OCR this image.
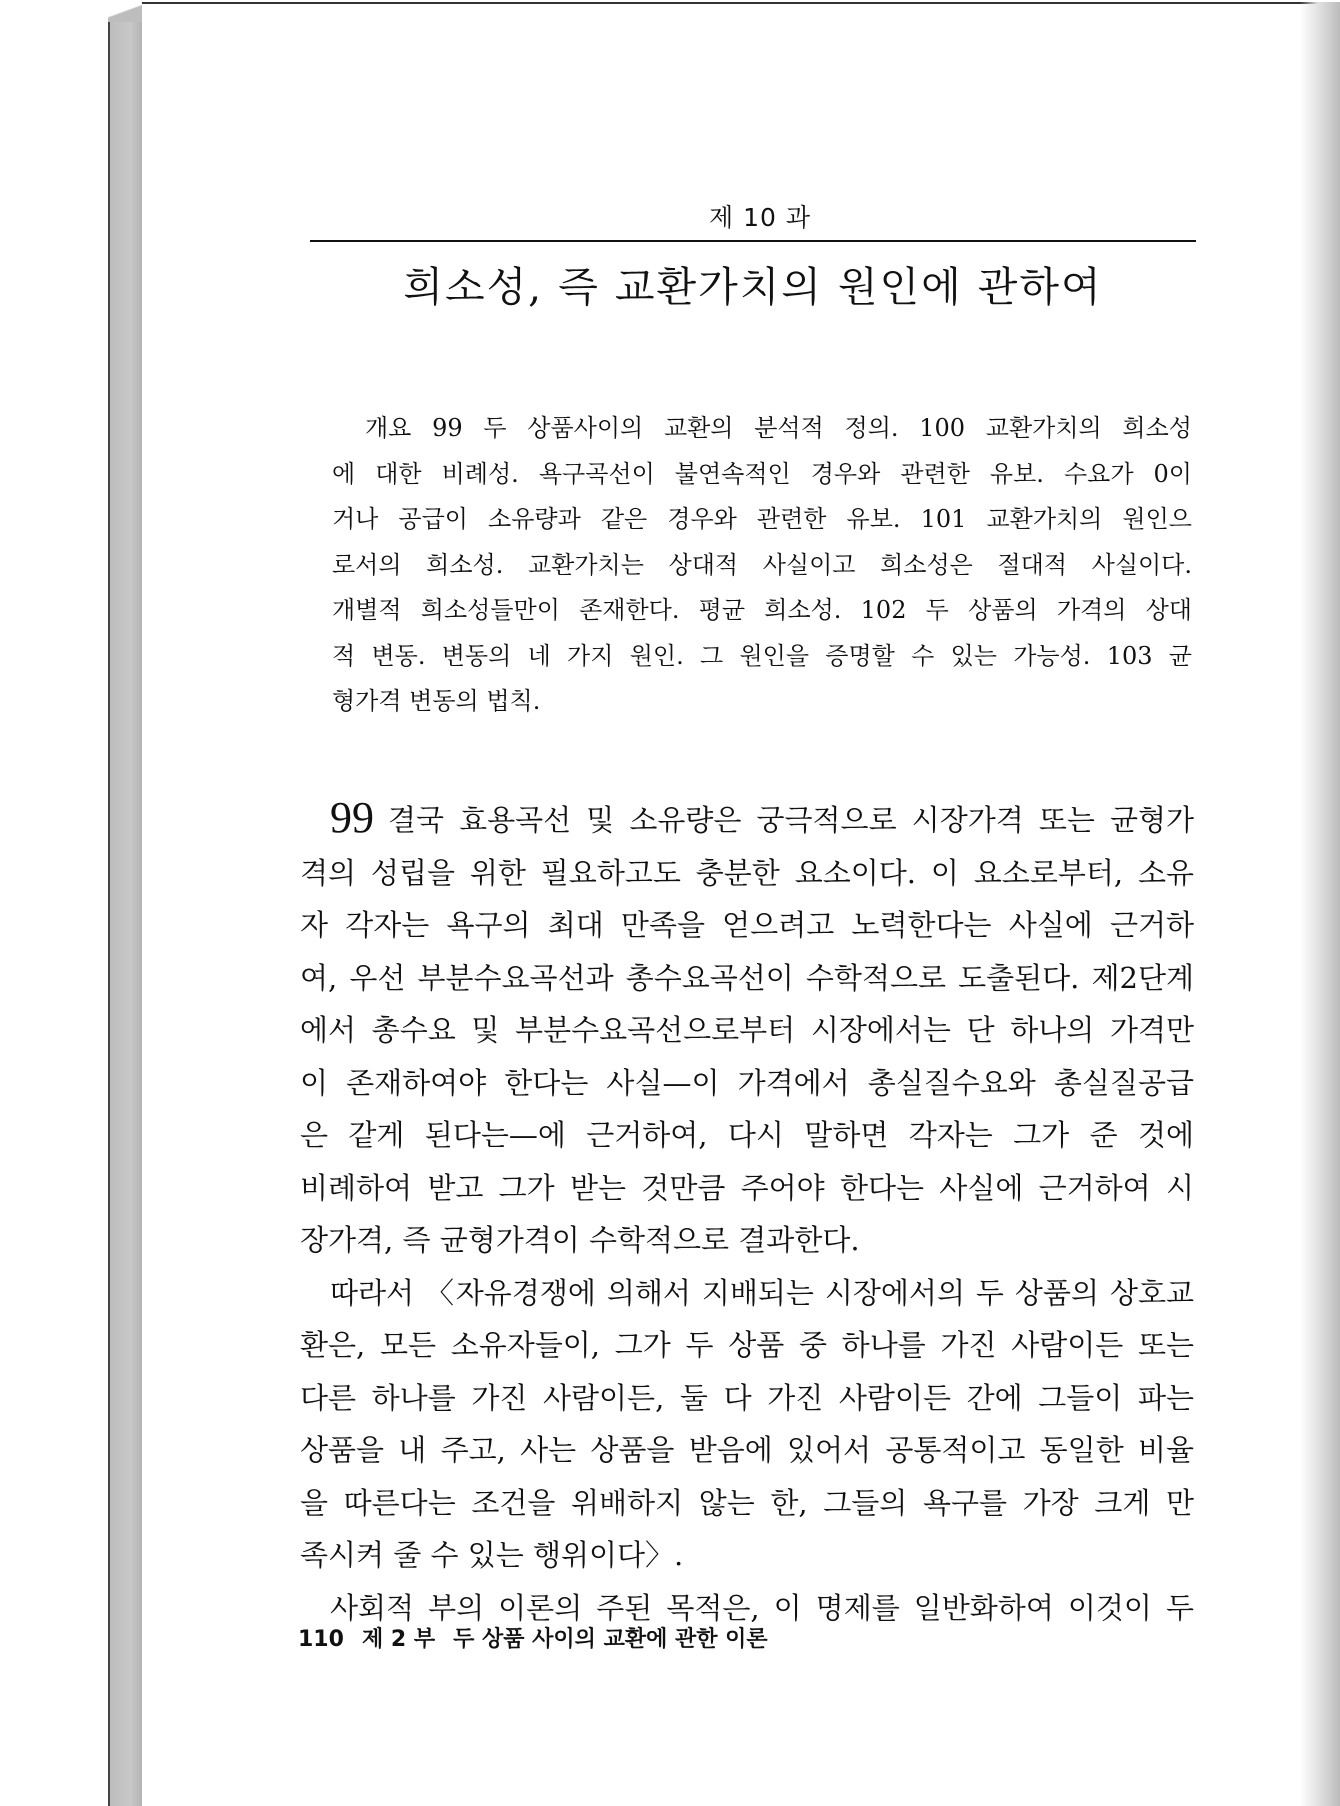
제 10 과
희소성, 즉 교환가치의 원인에 관하여
개요 99 두 상품사이의 교환의 분석적 정의. 100 교환가치의 희소성
에 대한 비례성. 욕구곡선이 불연속적인 경우와 관련한 유보. 수요가 0이
거나 공급이 소유량과 같은 경우와 관련한 유보. 101 교환가치의 원인으
로서의 희소성. 교환가치는 상대적 사실이고 희소성은 절대적 사실이다.
개별적 희소성들만이 존재한다. 평균 희소성. 102 두 상품의 가격의 상대
적 변동. 변동의 네 가지 원인. 그 원인을 증명할 수 있는 가능성. 103 균
형가격 변동의 법칙.
99 결국 효용곡선 및 소유량은 궁극적으로 시장가격 또는 균형가
격의 성립을 위한 필요하고도 충분한 요소이다. 이 요소로부터, 소유
자 각자는 욕구의 최대 만족을 얻으려고 노력한다는 사실에 근거하
여, 우선 부분수요곡선과 총수요곡선이 수학적으로 도출된다. 제2단계
에서 총수요 및 부분수요곡선으로부터 시장에서는 단 하나의 가격만
이 존재하여야 한다는 사실—이 가격에서 총실질수요와 총실질공급
은 같게 된다는—에 근거하여, 다시 말하면 각자는 그가 준 것에
비례하여 받고 그가 받는 것만큼 주어야 한다는 사실에 근거하여 시
장가격, 즉 균형가격이 수학적으로 결과한다.
따라서 〈자유경쟁에 의해서 지배되는 시장에서의 두 상품의 상호교
환은, 모든 소유자들이, 그가 두 상품 중 하나를 가진 사람이든 또는
다른 하나를 가진 사람이든, 둘 다 가진 사람이든 간에 그들이 파는
상품을 내 주고, 사는 상품을 받음에 있어서 공통적이고 동일한 비율
을 따른다는 조건을 위배하지 않는 한, 그들의 욕구를 가장 크게 만
족시켜 줄 수 있는 행위이다〉.
사회적 부의 이론의 주된 목적은, 이 명제를 일반화하여 이것이 두
110 제 2 부 두 상품 사이의 교환에 관한 이론
